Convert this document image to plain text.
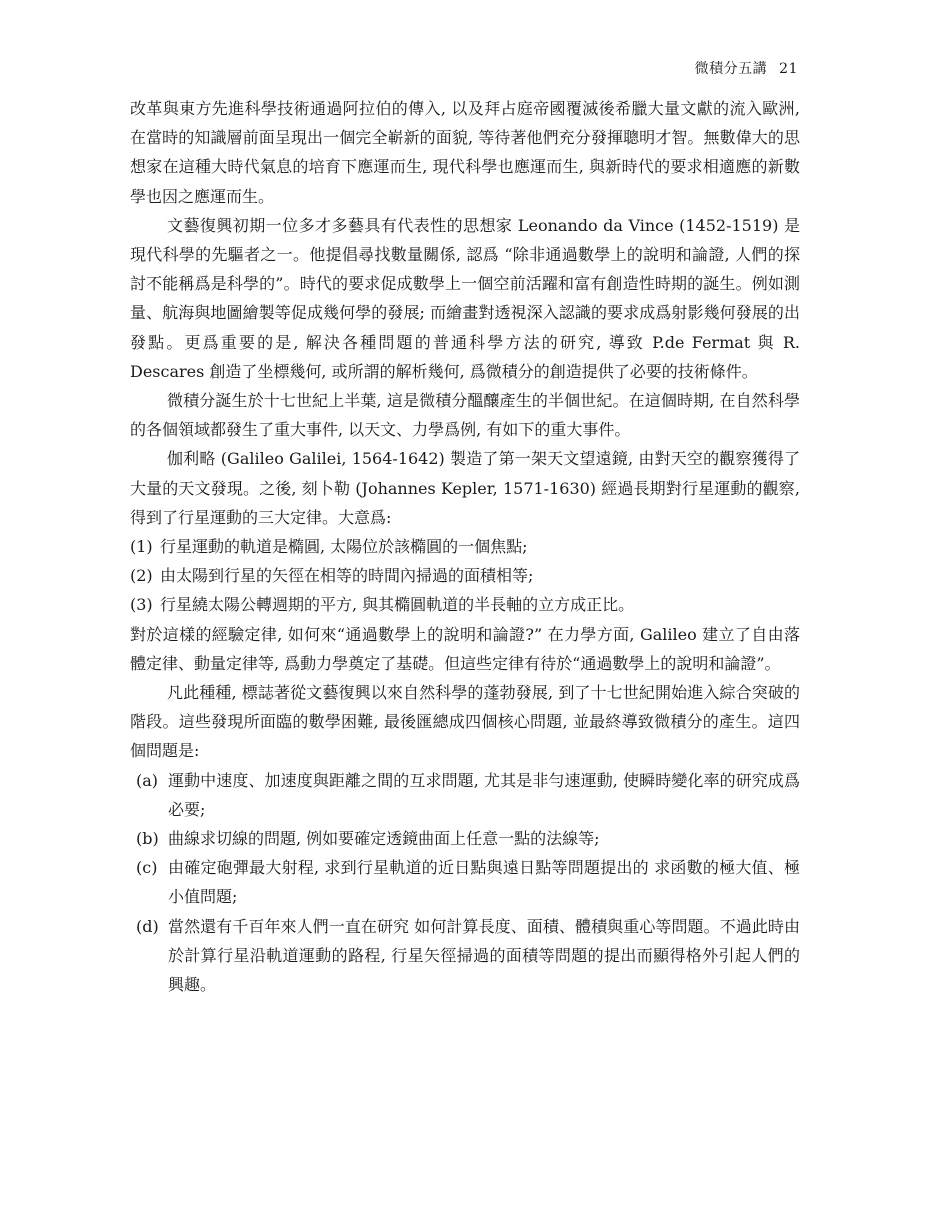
微積分五講 21

改革與東方先進科學技術通過阿拉伯的傳入, 以及拜占庭帝國覆滅後希臘大量文獻的流入歐洲, 在當時的知識層前面呈現出一個完全嶄新的面貌, 等待著他們充分發揮聰明才智。無數偉大的思想家在這種大時代氣息的培育下應運而生, 現代科學也應運而生, 與新時代的要求相適應的新數學也因之應運而生。

文藝復興初期一位多才多藝具有代表性的思想家 Leonando da Vince (1452-1519) 是現代科學的先驅者之一。他提倡尋找數量關係, 認爲 “除非通過數學上的說明和論證, 人們的探討不能稱爲是科學的”。時代的要求促成數學上一個空前活躍和富有創造性時期的誕生。例如測量、航海與地圖繪製等促成幾何學的發展; 而繪畫對透視深入認識的要求成爲射影幾何發展的出發點。更爲重要的是, 解決各種問題的普通科學方法的研究, 導致 P.de Fermat 與 R. Descares 創造了坐標幾何, 或所謂的解析幾何, 爲微積分的創造提供了必要的技術條件。

微積分誕生於十七世紀上半葉, 這是微積分醞釀產生的半個世紀。在這個時期, 在自然科學的各個領域都發生了重大事件, 以天文、力學爲例, 有如下的重大事件。

伽利略 (Galileo Galilei, 1564-1642) 製造了第一架天文望遠鏡, 由對天空的觀察獲得了大量的天文發現。之後, 刻卜勒 (Johannes Kepler, 1571-1630) 經過長期對行星運動的觀察, 得到了行星運動的三大定律。大意爲:

(1) 行星運動的軌道是橢圓, 太陽位於該橢圓的一個焦點;

(2) 由太陽到行星的矢徑在相等的時間內掃過的面積相等;

(3) 行星繞太陽公轉週期的平方, 與其橢圓軌道的半長軸的立方成正比。

對於這樣的經驗定律, 如何來“通過數學上的說明和論證?” 在力學方面, Galileo 建立了自由落體定律、動量定律等, 爲動力學奠定了基礎。但這些定律有待於“通過數學上的說明和論證”。

凡此種種, 標誌著從文藝復興以來自然科學的蓬勃發展, 到了十七世紀開始進入綜合突破的階段。這些發現所面臨的數學困難, 最後匯總成四個核心問題, 並最終導致微積分的產生。這四個問題是:

(a) 運動中速度、加速度與距離之間的互求問題, 尤其是非勻速運動, 使瞬時變化率的研究成爲必要;

(b) 曲線求切線的問題, 例如要確定透鏡曲面上任意一點的法線等;

(c) 由確定砲彈最大射程, 求到行星軌道的近日點與遠日點等問題提出的 求函數的極大值、極小值問題;

(d) 當然還有千百年來人們一直在研究 如何計算長度、面積、體積與重心等問題。不過此時由於計算行星沿軌道運動的路程, 行星矢徑掃過的面積等問題的提出而顯得格外引起人們的興趣。
